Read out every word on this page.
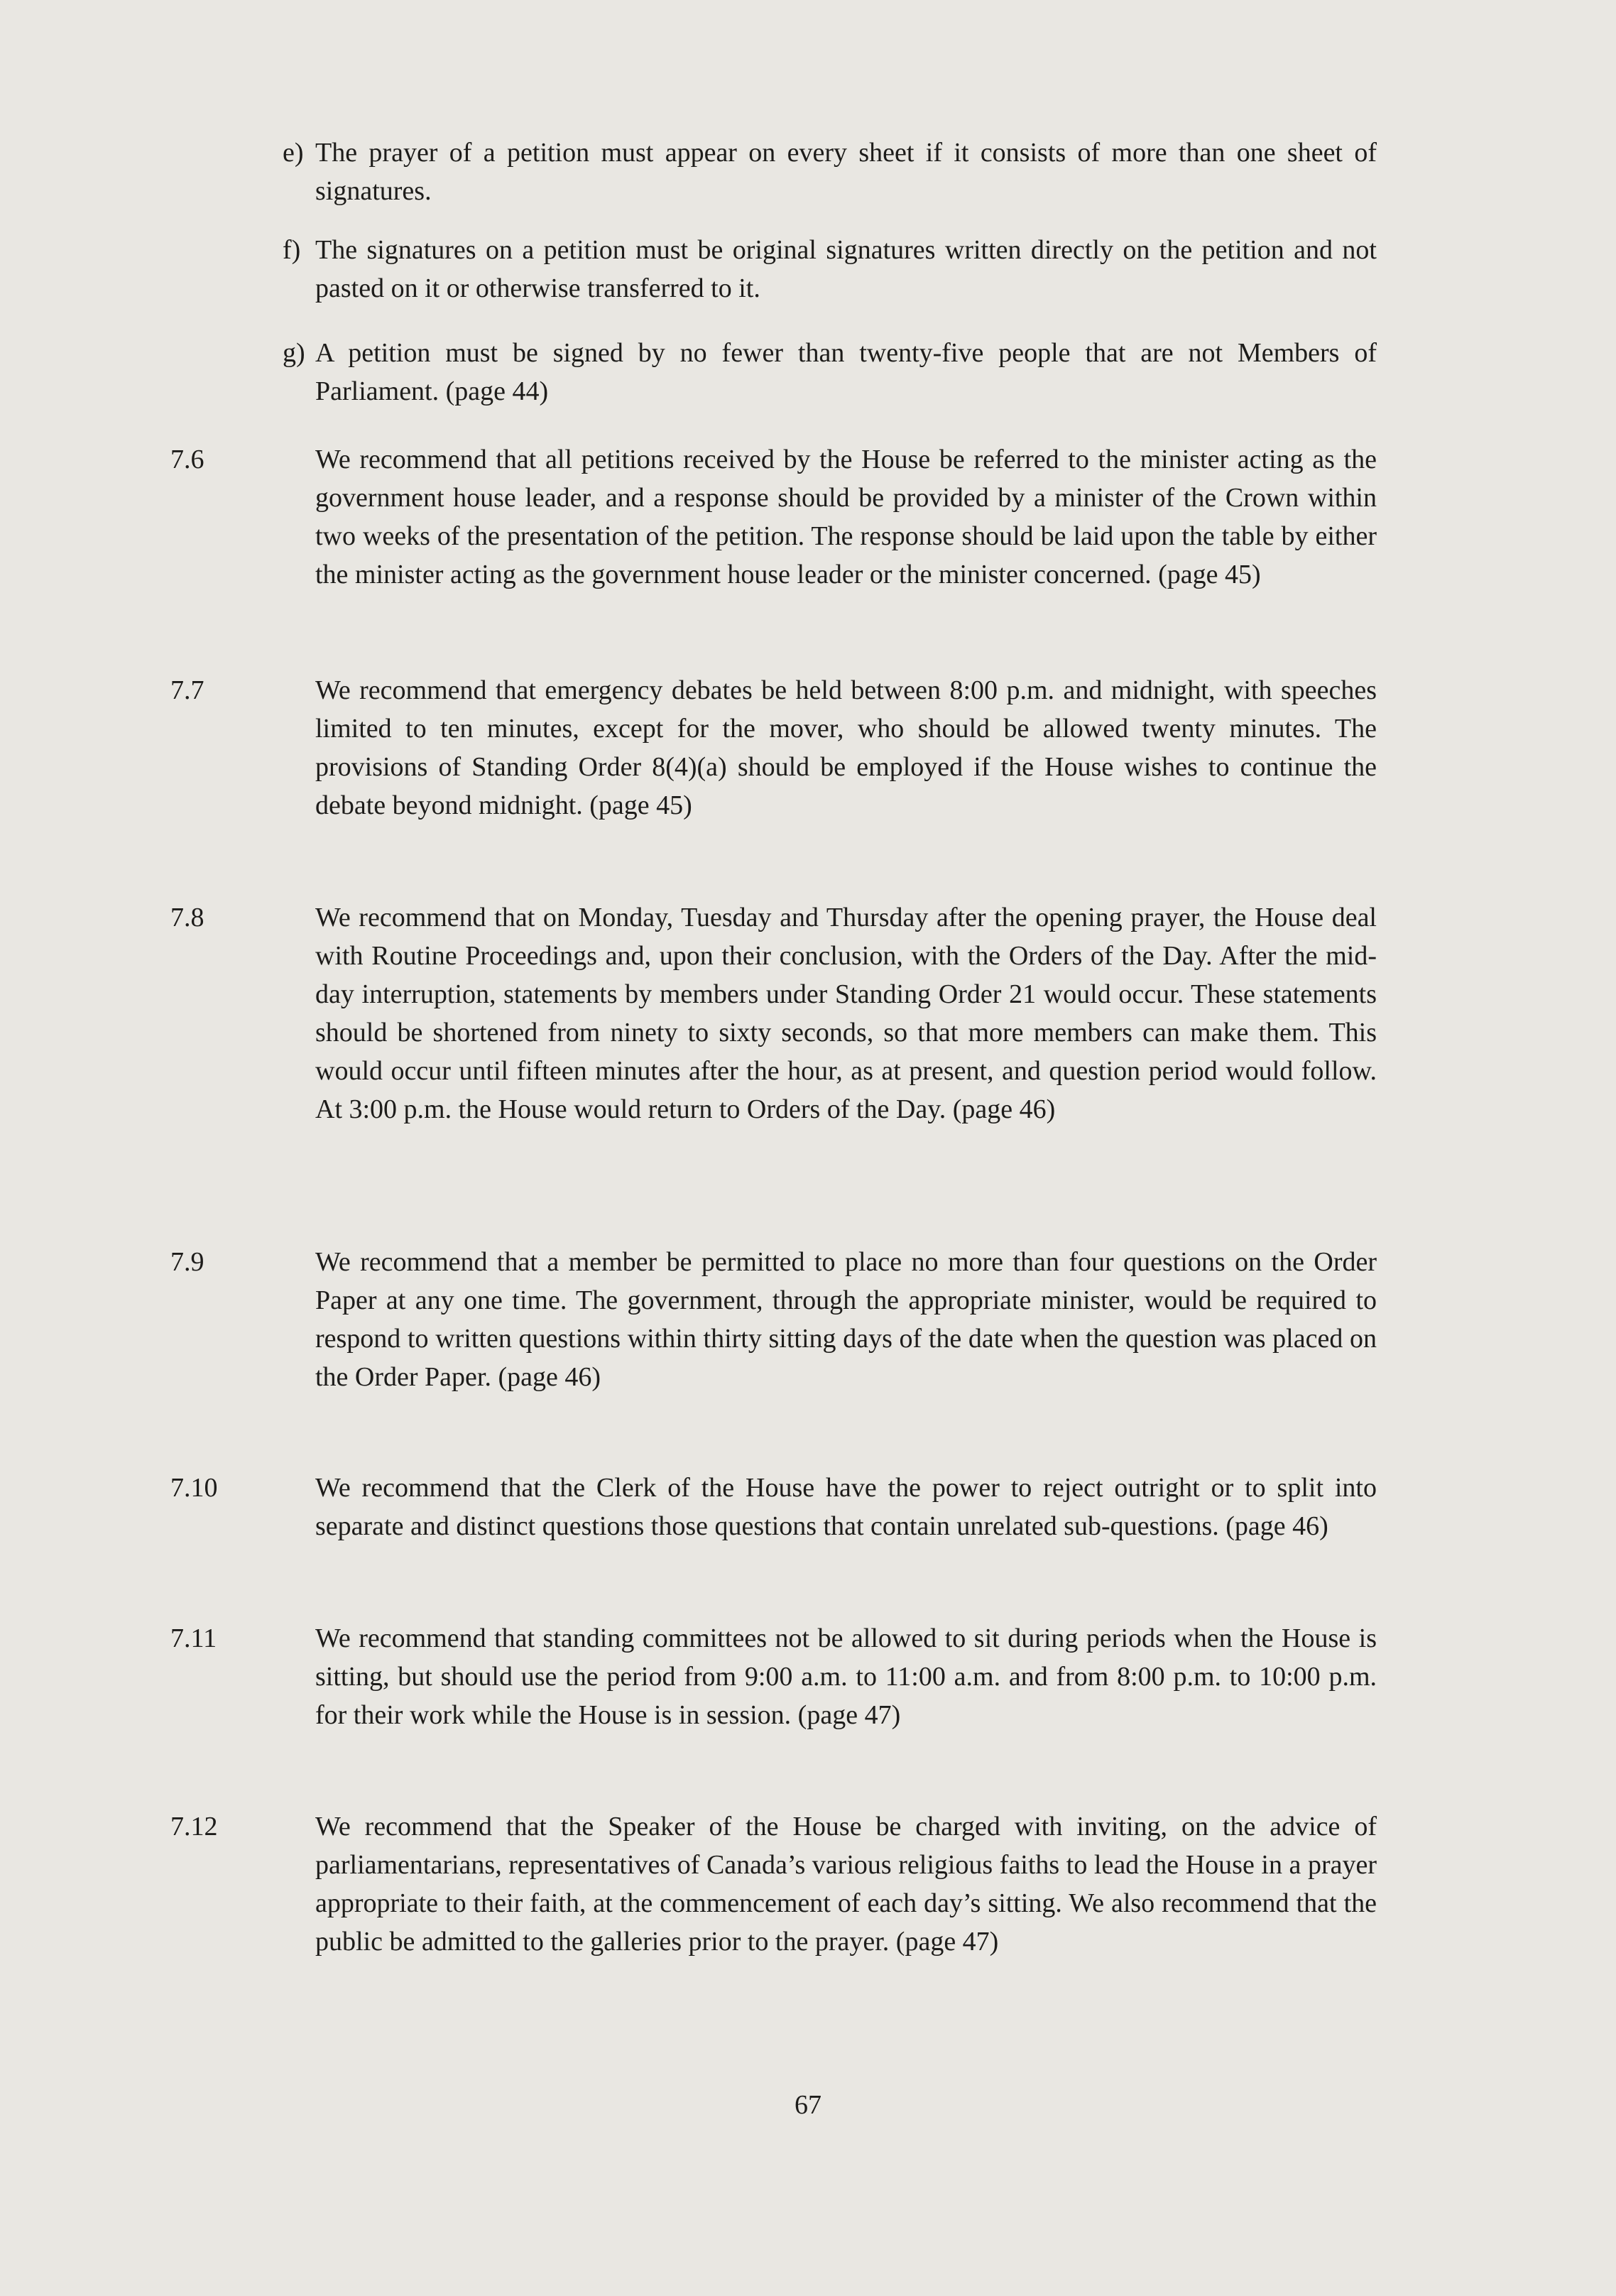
e) The prayer of a petition must appear on every sheet if it consists of more than one sheet of signatures.
f) The signatures on a petition must be original signatures written directly on the petition and not pasted on it or otherwise transferred to it.
g) A petition must be signed by no fewer than twenty-five people that are not Members of Parliament. (page 44)
7.6	We recommend that all petitions received by the House be referred to the minister acting as the government house leader, and a response should be provided by a minister of the Crown within two weeks of the presentation of the petition. The response should be laid upon the table by either the minister acting as the government house leader or the minister concerned. (page 45)
7.7	We recommend that emergency debates be held between 8:00 p.m. and midnight, with speeches limited to ten minutes, except for the mover, who should be allowed twenty minutes. The provisions of Standing Order 8(4)(a) should be employed if the House wishes to continue the debate beyond midnight. (page 45)
7.8	We recommend that on Monday, Tuesday and Thursday after the opening prayer, the House deal with Routine Proceedings and, upon their conclusion, with the Orders of the Day. After the mid-day interruption, statements by members under Standing Order 21 would occur. These statements should be shortened from ninety to sixty seconds, so that more members can make them. This would occur until fifteen minutes after the hour, as at present, and question period would follow. At 3:00 p.m. the House would return to Orders of the Day. (page 46)
7.9	We recommend that a member be permitted to place no more than four questions on the Order Paper at any one time. The government, through the appropriate minister, would be required to respond to written questions within thirty sitting days of the date when the question was placed on the Order Paper. (page 46)
7.10	We recommend that the Clerk of the House have the power to reject outright or to split into separate and distinct questions those questions that contain unrelated sub-questions. (page 46)
7.11	We recommend that standing committees not be allowed to sit during periods when the House is sitting, but should use the period from 9:00 a.m. to 11:00 a.m. and from 8:00 p.m. to 10:00 p.m. for their work while the House is in session. (page 47)
7.12	We recommend that the Speaker of the House be charged with inviting, on the advice of parliamentarians, representatives of Canada’s various religious faiths to lead the House in a prayer appropriate to their faith, at the commencement of each day’s sitting. We also recommend that the public be admitted to the galleries prior to the prayer. (page 47)
67
